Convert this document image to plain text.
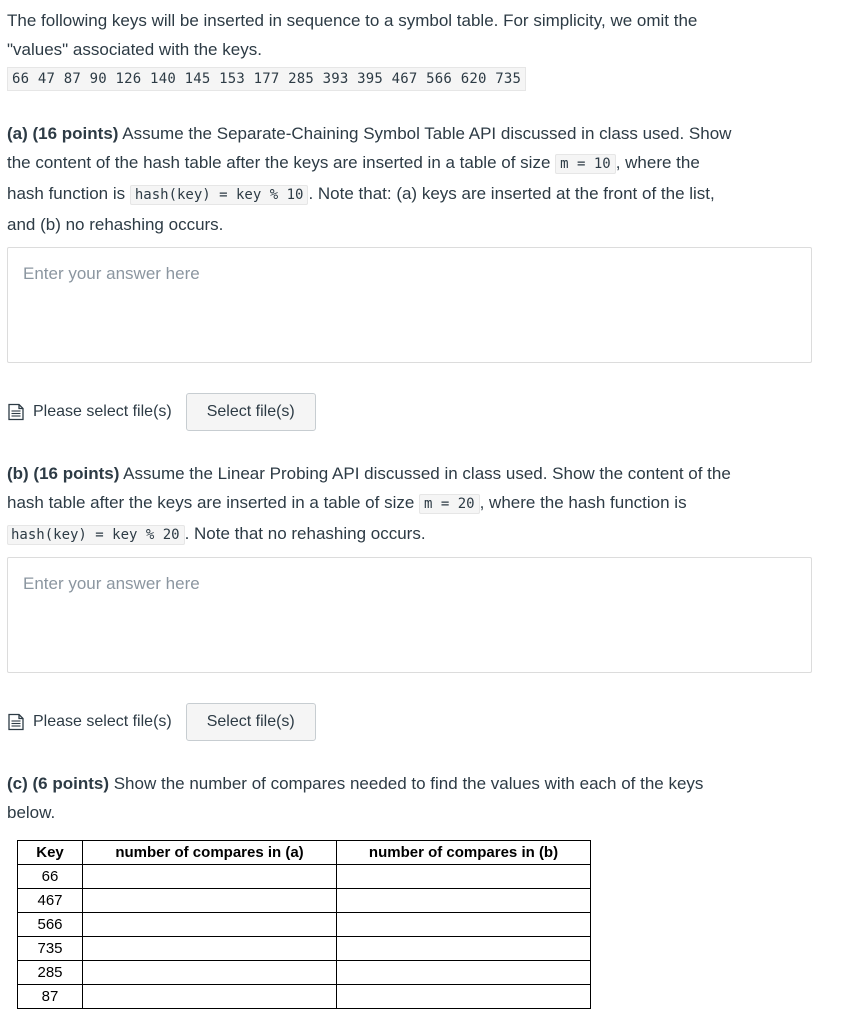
The following keys will be inserted in sequence to a symbol table. For simplicity, we omit the

"values" associated with the keys.

66 47 87 90 126 140 145 153 177 285 393 395 467 566 620 735

(a) (16 points) Assume the Separate-Chaining Symbol Table API discussed in class used. Show

the content of the hash table after the keys are inserted in a table of size m = 10 , where the

hash function is hash(key) = key % 10 . Note that: (a) keys are inserted at the front of the list,

and (b) no rehashing occurs.

Enter your answer here
Please select file(s)	Select file(s)

(b) (16 points) Assume the Linear Probing API discussed in class used. Show the content of the

hash table after the keys are inserted in a table of size m = 20 , where the hash function is

hash(key) = key % 20 . Note that no rehashing occurs.

Enter your answer here
Please select file(s)	Select file(s)

(c) (6 points) Show the number of compares needed to find the values with each of the keys

below.

Key	number of compares in (a)	number of compares in (b)
66		
467		
566		
735		
285		
87		
